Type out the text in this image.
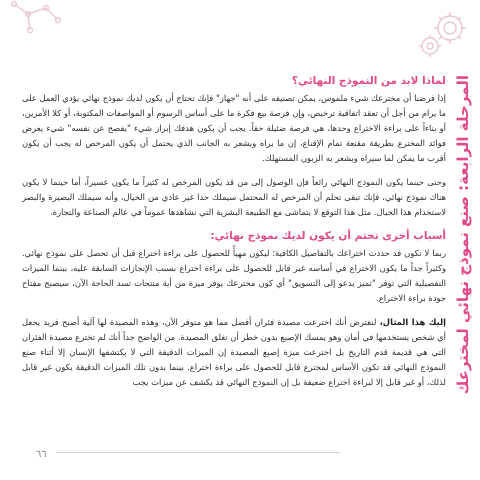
المرحلة الرابعة: صنع نموذج نهائي لمخترعك
لماذا لابد من النموذج النهائي؟

إذا فرضنا أن مخترعك شيء ملموس، يمكن تصنيفه على أنه "جهاز" فإنك تحتاج أن يكون لديك نموذج نهائي يؤدي العمل على ما يرام من أجل أن تعقد اتفاقية ترخيص، وإن فرصة بيع فكرة ما على أساس الرسوم أو المواصفات المكتوبة، أو كلا الأمرين، أو بناءاً على براءة الاختراع وحدها، هي فرصة ضئيلة حقاً. يجب أن يكون هدفك إبراز شيء "يفصح عن نفسه" شيء يعرض فوائد المخترع بطريقة مقنعة تمام الإقناع، إن ما يراه ويشعر به الجانب الذي يحتمل أن يكون المرخص له يجب أن يكون أقرب ما يمكن لما سيراه ويشعر به الزبون المستهلك.

وحتى حينما يكون النموذج النهائي رائعاً فإن الوصول إلى من قد يكون المرخص له كثيراً ما يكون عسيراً، أما حينما لا يكون هناك نموذج نهائي، فإنك تبقى تحلم أن المرخص له المحتمل سيملك حدا غير عادي من الخيال، وأنه سيملك البصيرة والبصر لاستخدام هذا الخيال. مثل هذا التوقع لا يتماشى مع الطبيعة البشرية التي نشاهدها عموماً في عالم الصناعة والتجارة.

أسباب أخرى تحتم أن يكون لديك نموذج نهائي:

ربما لا تكون قد حددت اختراعك بالتفاصيل الكافية؛ ليكون مهيأً للحصول على براءة اختراع قبل أن تحصل على نموذج نهائي. وكثيراً جداً ما يكون الاختراع في أساسه غير قابل للحصول على براءة اختراع بسبب الإنجازات السابقة عليه، بينما الميزات التفصيلية التي توفر "تميز يدعو إلى التسويق" أي كون مخترعك يوفر ميزة من أية منتجات تسد الحاجة الآن، سيصبح مفتاح جودة براءة الاختراع.

إليك هذا المثال، لنفترض أنك اخترعت مصيدة فئران أفضل مما هو متوفر الآن، وهذه المصيدة لها آلية أصبح فريد يجعل أي شخص يستخدمها في أمان وهو يمسك الإصبع بدون خطر أن تغلق المصيدة. من الواضح جداً أنك لم تخترع مصيدة الفئران التي هي قديمة قدم التاريخ بل اخترعت ميزة إصبع المصيدة إن الميزات الدقيقة التي لا يكتشفها الإنسان إلا أثناء صنع النموذج النهائي قد تكون الأساس لمخترع قابل للحصول على براءة اختراع. بينما بدون تلك الميزات الدقيقة يكون غير قابل لذلك، أو غير قابل إلا لبراءة اختراع ضعيفة بل إن النموذج النهائي قد يكشف عن ميزات يجب

٦٦
